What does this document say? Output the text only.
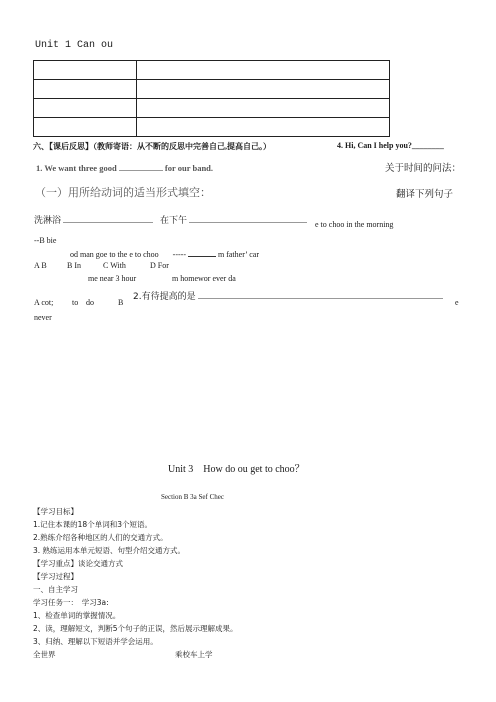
Unit 1 Can ou

六、【课后反思】（教师寄语：从不断的反思中完善自己,提高自己。）	4. Hi, Can I help you?________
1. We want three good	for our band.	关于时间的问法：
（一）用所给动词的适当形式填空：	翻译下列句子
洗淋浴	在下午	e to choo in the morning
--B bie
od man goe to the e to choo -----	m father’ car
A B	B In	C With	D For
me near 3 hour	m homewor ever da
2.有待提高的是
A cot; to do	B	e
never
Unit 3　How do ou get to choo？
Section B 3a Sef Chec
【学习目标】
1.记住本课的18个单词和3个短语。
2.熟练介绍各种地区的人们的交通方式。
3. 熟练运用本单元短语、句型介绍交通方式。
【学习重点】谈论交通方式
【学习过程】
一、自主学习
学习任务一：　学习3a:
1、检查单词的掌握情况。
2、读，理解短文，判断5个句子的正误，然后展示理解成果。
3、归纳、理解以下短语并学会运用。
全世界	乘校车上学
